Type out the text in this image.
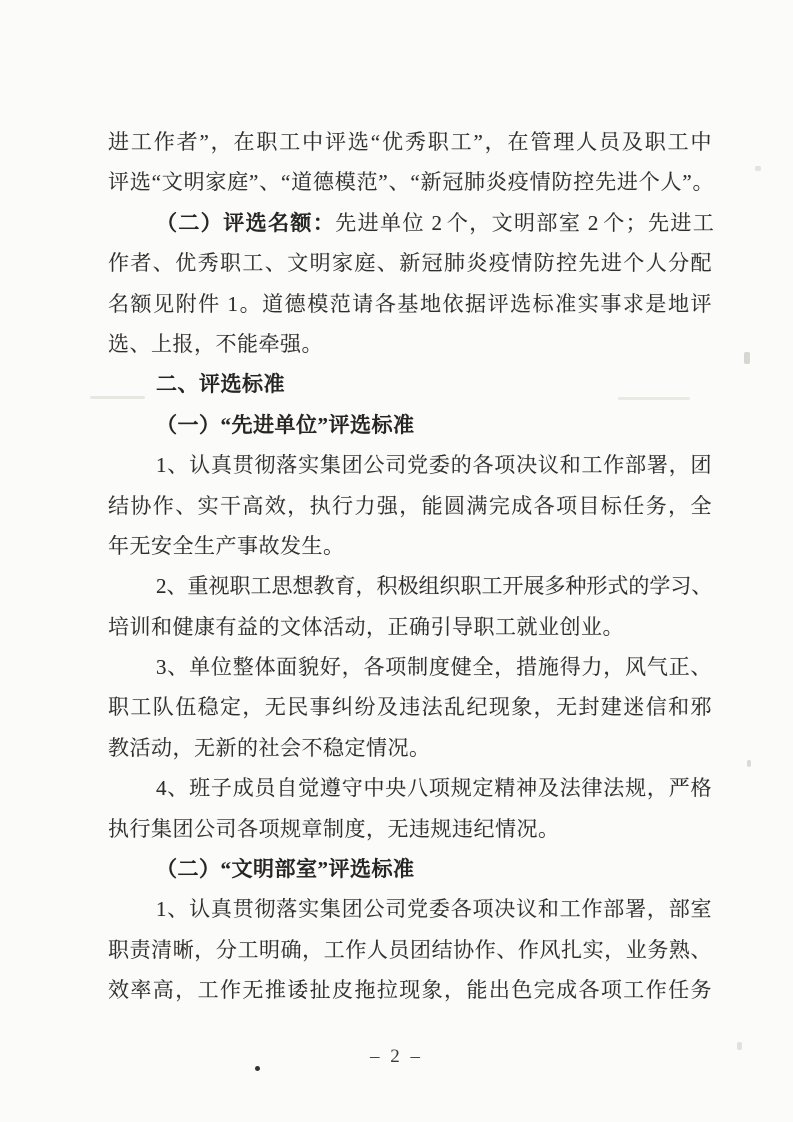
进工作者”，在职工中评选“优秀职工”，在管理人员及职工中
评选“文明家庭”、“道德模范”、“新冠肺炎疫情防控先进个人”。
（二）评选名额：先进单位 2 个，文明部室 2 个；先进工
作者、优秀职工、文明家庭、新冠肺炎疫情防控先进个人分配
名额见附件 1。道德模范请各基地依据评选标准实事求是地评
选、上报，不能牵强。
二、评选标准
（一）“先进单位”评选标准
1、认真贯彻落实集团公司党委的各项决议和工作部署，团
结协作、实干高效，执行力强，能圆满完成各项目标任务，全
年无安全生产事故发生。
2、重视职工思想教育，积极组织职工开展多种形式的学习、
培训和健康有益的文体活动，正确引导职工就业创业。
3、单位整体面貌好，各项制度健全，措施得力，风气正、
职工队伍稳定，无民事纠纷及违法乱纪现象，无封建迷信和邪
教活动，无新的社会不稳定情况。
4、班子成员自觉遵守中央八项规定精神及法律法规，严格
执行集团公司各项规章制度，无违规违纪情况。
（二）“文明部室”评选标准
1、认真贯彻落实集团公司党委各项决议和工作部署，部室
职责清晰，分工明确，工作人员团结协作、作风扎实，业务熟、
效率高，工作无推诿扯皮拖拉现象，能出色完成各项工作任务
– 2 –
